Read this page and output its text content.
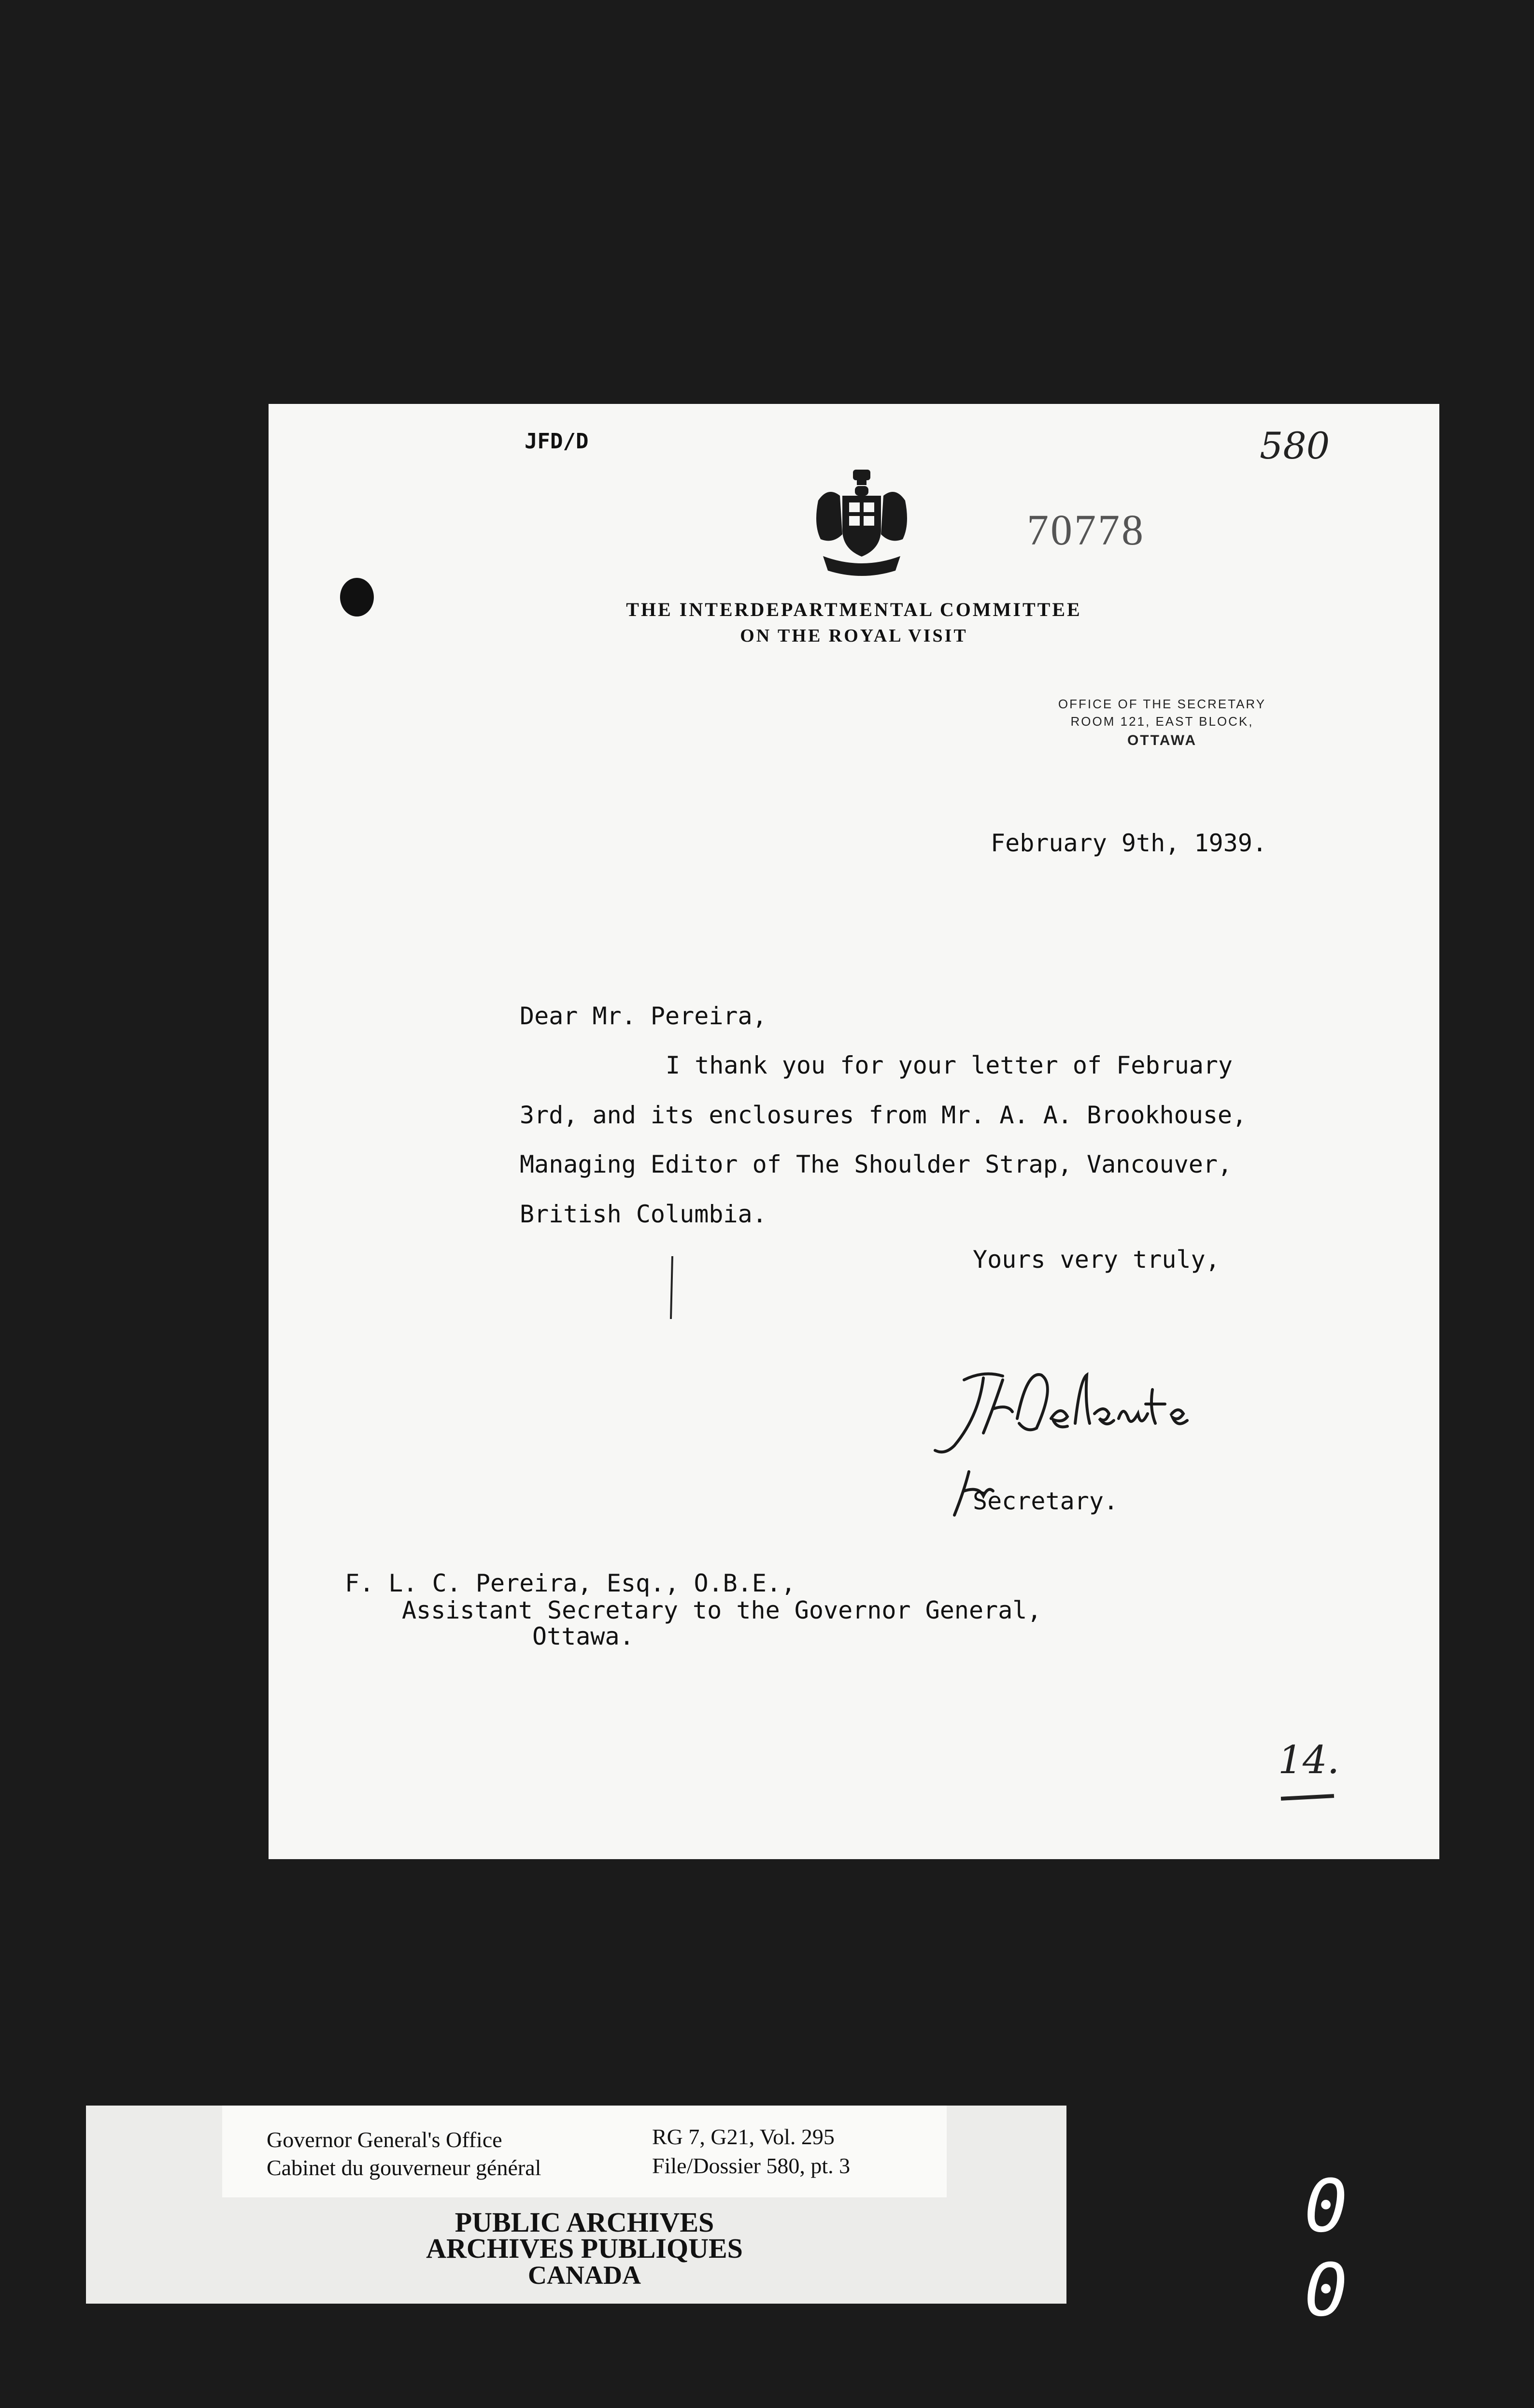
JFD/D	580
70778
THE INTERDEPARTMENTAL COMMITTEE
ON THE ROYAL VISIT
OFFICE OF THE SECRETARY
ROOM 121, EAST BLOCK,
OTTAWA
February 9th, 1939.
Dear Mr. Pereira,
I thank you for your letter of February
3rd, and its enclosures from Mr. A. A. Brookhouse,
Managing Editor of The Shoulder Strap, Vancouver,
British Columbia.
Yours very truly,
Secretary.
F. L. C. Pereira, Esq., O.B.E.,
Assistant Secretary to the Governor General,
Ottawa.
14.
Governor General's Office
Cabinet du gouverneur général
RG 7, G21, Vol. 295
File/Dossier 580, pt. 3
PUBLIC ARCHIVES
ARCHIVES PUBLIQUES
CANADA
0 0
